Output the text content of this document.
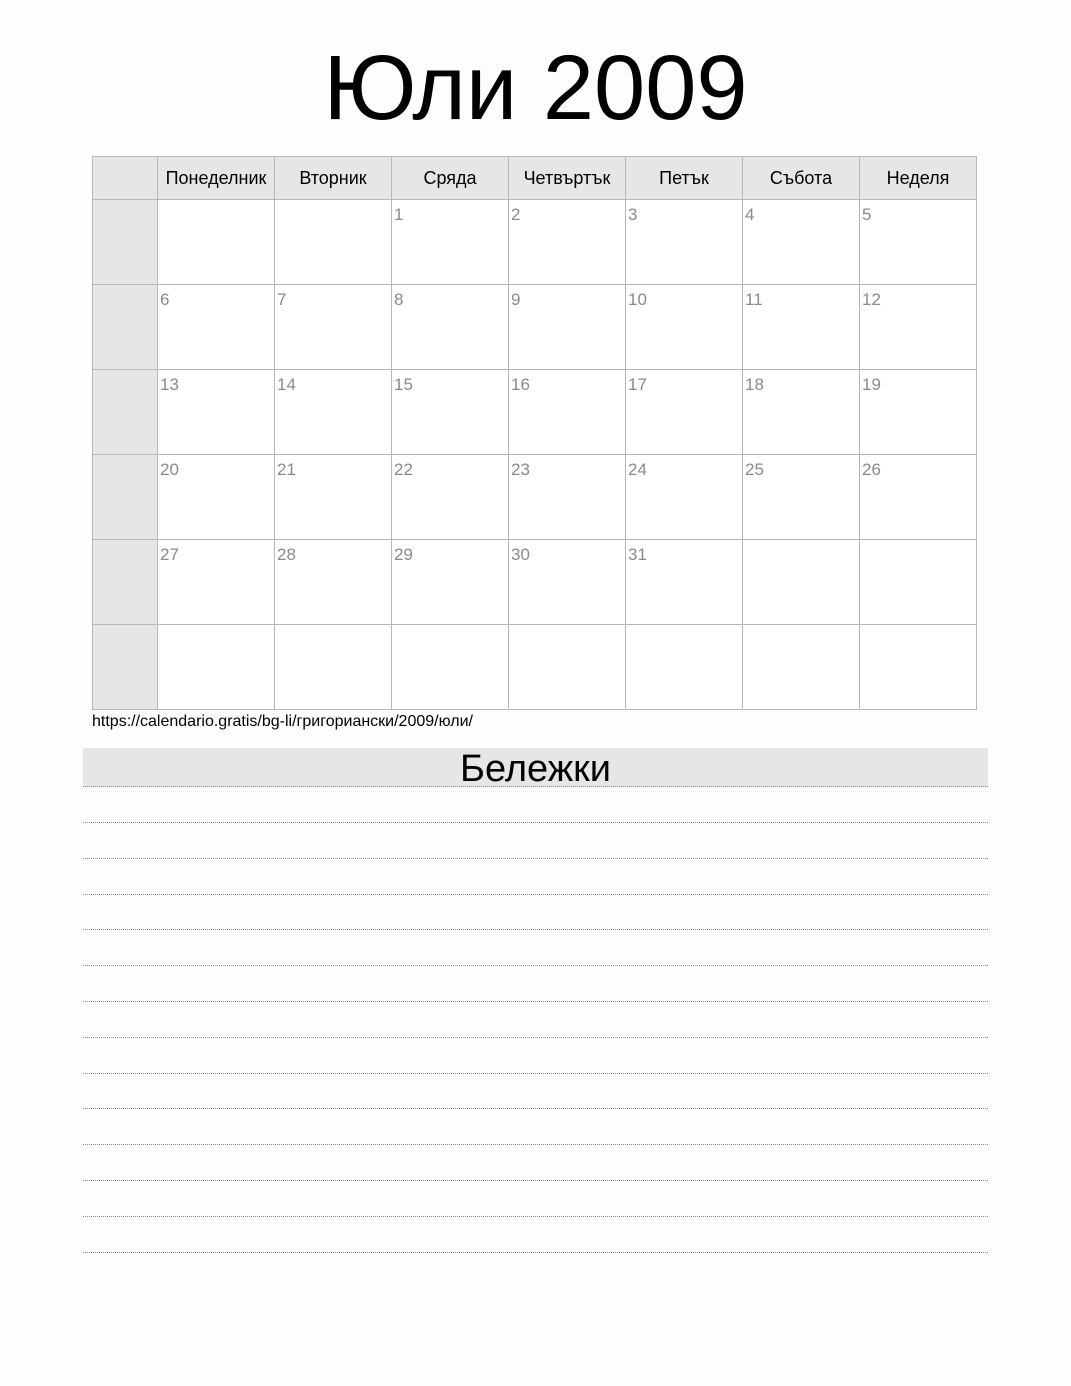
Юли 2009
	Понеделник	Вторник	Сряда	Четвъртък	Петък	Събота	Неделя

			1	2	3	4	5

	6	7	8	9	10	11	12

	13	14	15	16	17	18	19

	20	21	22	23	24	25	26

	27	28	29	30	31		

https://calendario.gratis/bg-li/григориански/2009/юли/
Бележки
